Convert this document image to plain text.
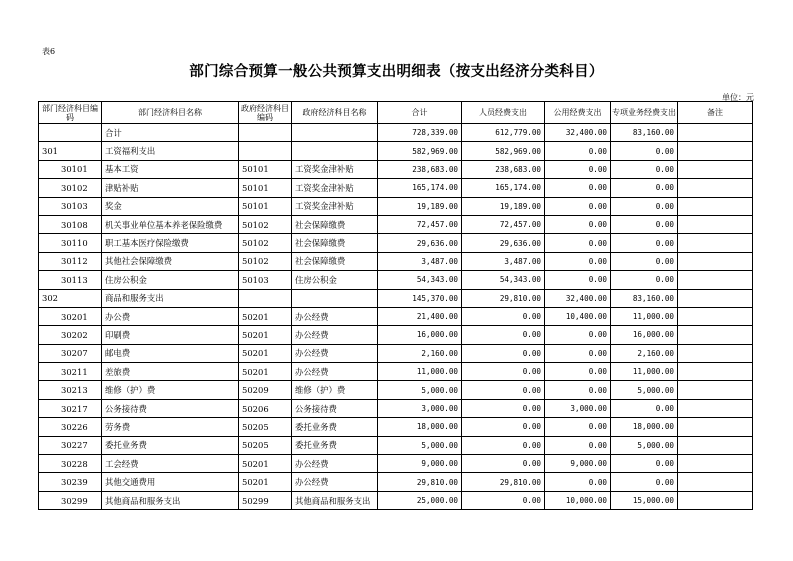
表6
部门综合预算一般公共预算支出明细表（按支出经济分类科目）
单位：元
部门经济科目编码	部门经济科目名称	政府经济科目编码	政府经济科目名称	合计	人员经费支出	公用经费支出	专项业务经费支出	备注
	合计			728,339.00	612,779.00	32,400.00	83,160.00	
301	工资福利支出			582,969.00	582,969.00	0.00	0.00	
30101	基本工资	50101	工资奖金津补贴	238,683.00	238,683.00	0.00	0.00	
30102	津贴补贴	50101	工资奖金津补贴	165,174.00	165,174.00	0.00	0.00	
30103	奖金	50101	工资奖金津补贴	19,189.00	19,189.00	0.00	0.00	
30108	机关事业单位基本养老保险缴费	50102	社会保障缴费	72,457.00	72,457.00	0.00	0.00	
30110	职工基本医疗保险缴费	50102	社会保障缴费	29,636.00	29,636.00	0.00	0.00	
30112	其他社会保障缴费	50102	社会保障缴费	3,487.00	3,487.00	0.00	0.00	
30113	住房公积金	50103	住房公积金	54,343.00	54,343.00	0.00	0.00	
302	商品和服务支出			145,370.00	29,810.00	32,400.00	83,160.00	
30201	办公费	50201	办公经费	21,400.00	0.00	10,400.00	11,000.00	
30202	印刷费	50201	办公经费	16,000.00	0.00	0.00	16,000.00	
30207	邮电费	50201	办公经费	2,160.00	0.00	0.00	2,160.00	
30211	差旅费	50201	办公经费	11,000.00	0.00	0.00	11,000.00	
30213	维修（护）费	50209	维修（护）费	5,000.00	0.00	0.00	5,000.00	
30217	公务接待费	50206	公务接待费	3,000.00	0.00	3,000.00	0.00	
30226	劳务费	50205	委托业务费	18,000.00	0.00	0.00	18,000.00	
30227	委托业务费	50205	委托业务费	5,000.00	0.00	0.00	5,000.00	
30228	工会经费	50201	办公经费	9,000.00	0.00	9,000.00	0.00	
30239	其他交通费用	50201	办公经费	29,810.00	29,810.00	0.00	0.00	
30299	其他商品和服务支出	50299	其他商品和服务支出	25,000.00	0.00	10,000.00	15,000.00	
